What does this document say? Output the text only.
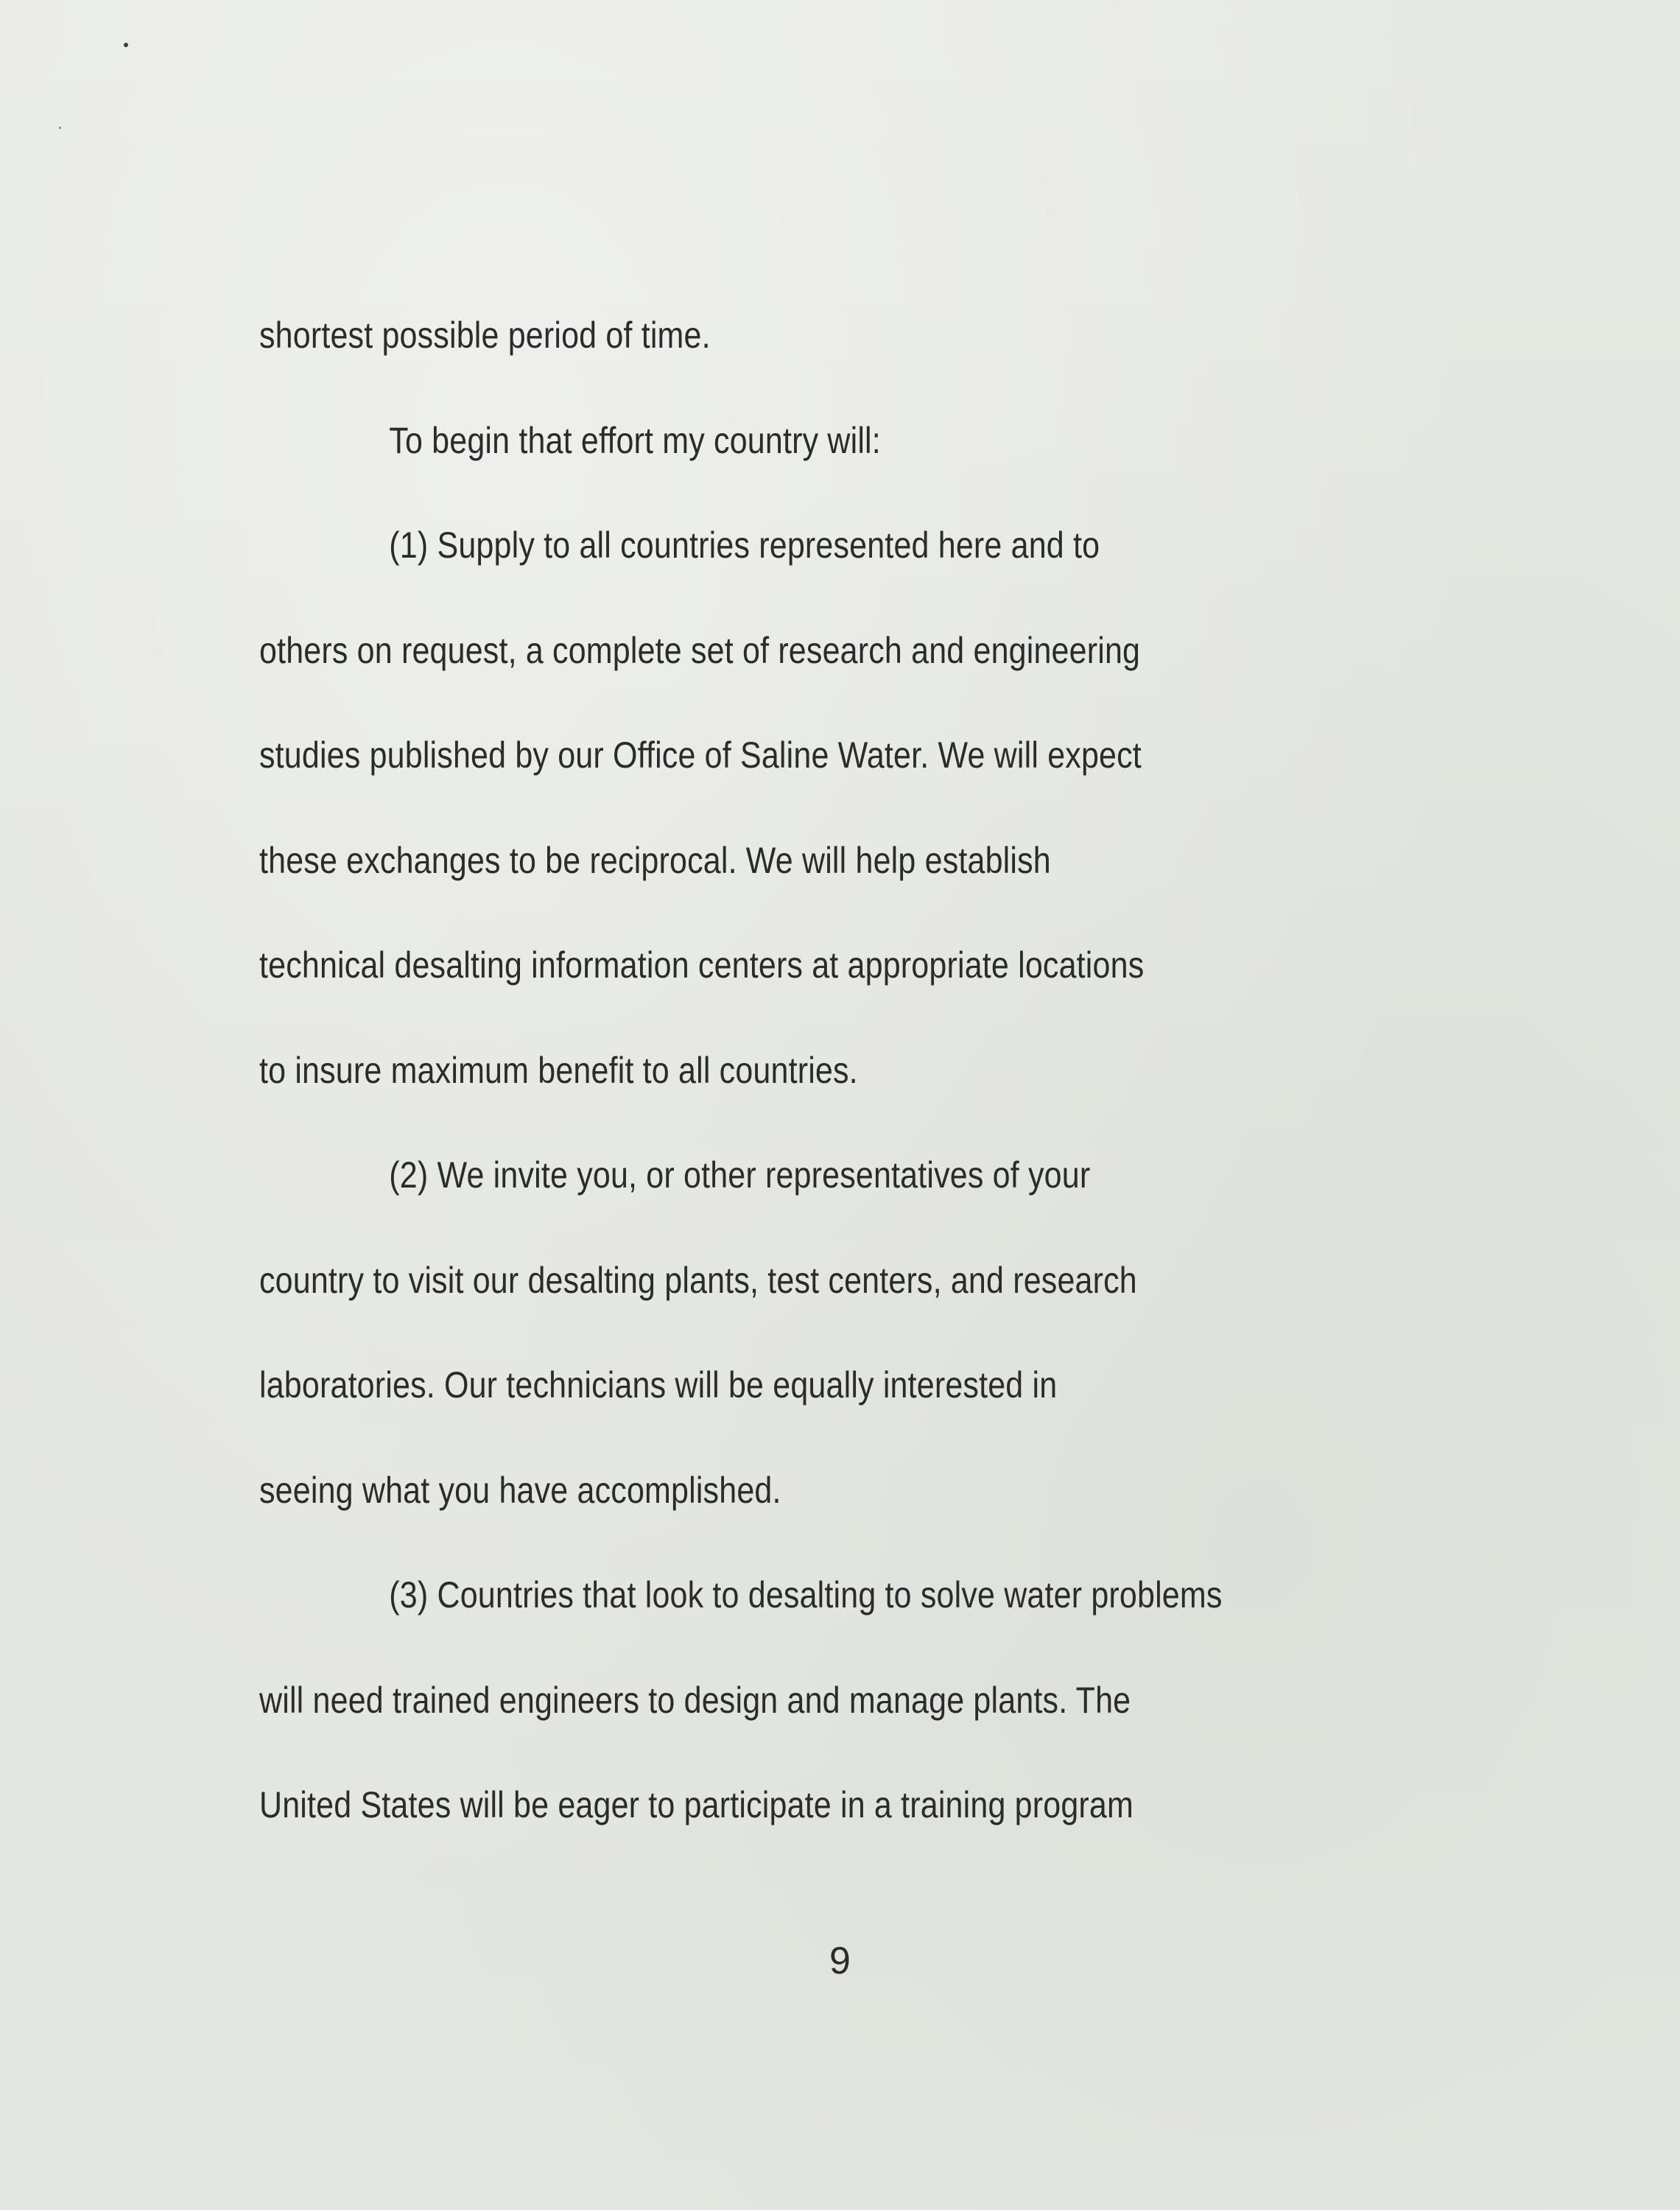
shortest possible period of time.
To begin that effort my country will:
(1) Supply to all countries represented here and to
others on request, a complete set of research and engineering
studies published by our Office of Saline Water. We will expect
these exchanges to be reciprocal. We will help establish
technical desalting information centers at appropriate locations
to insure maximum benefit to all countries.
(2) We invite you, or other representatives of your
country to visit our desalting plants, test centers, and research
laboratories. Our technicians will be equally interested in
seeing what you have accomplished.
(3) Countries that look to desalting to solve water problems
will need trained engineers to design and manage plants. The
United States will be eager to participate in a training program
9
